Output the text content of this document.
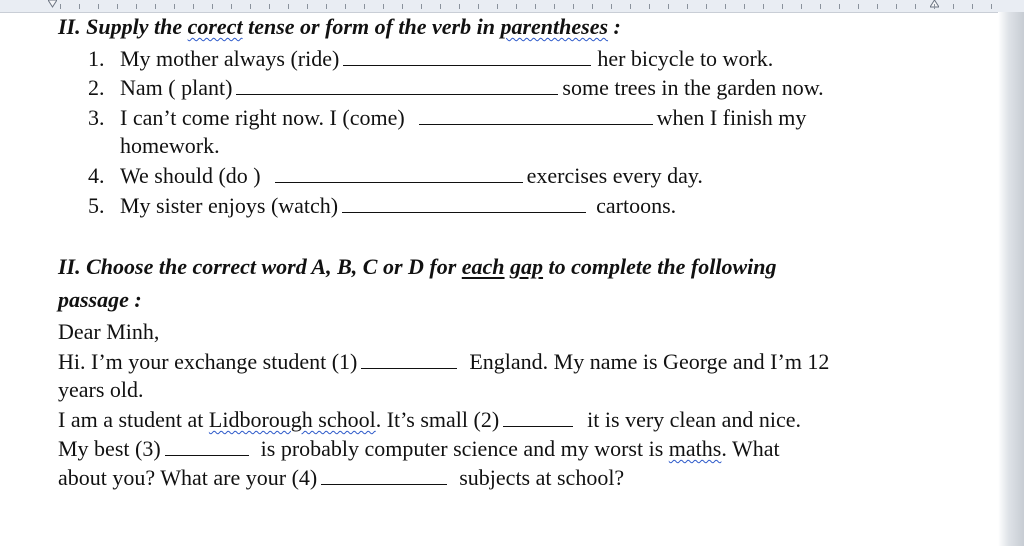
II. Supply the corect tense or form of the verb in parentheses :
1. My mother always (ride)	her bicycle to work.
2. Nam ( plant)	some trees in the garden now.
3. I can’t come right now. I (come)	when I finish my
homework.
4. We should (do )	exercises every day.
5. My sister enjoys (watch)	cartoons.
II. Choose the correct word A, B, C or D for each gap to complete the following
passage :
Dear Minh,
Hi. I’m your exchange student (1)	England. My name is George and I’m 12
years old.
I am a student at Lidborough school. It’s small (2)	it is very clean and nice.
My best (3)	is probably computer science and my worst is maths. What
about you? What are your (4)	subjects at school?
